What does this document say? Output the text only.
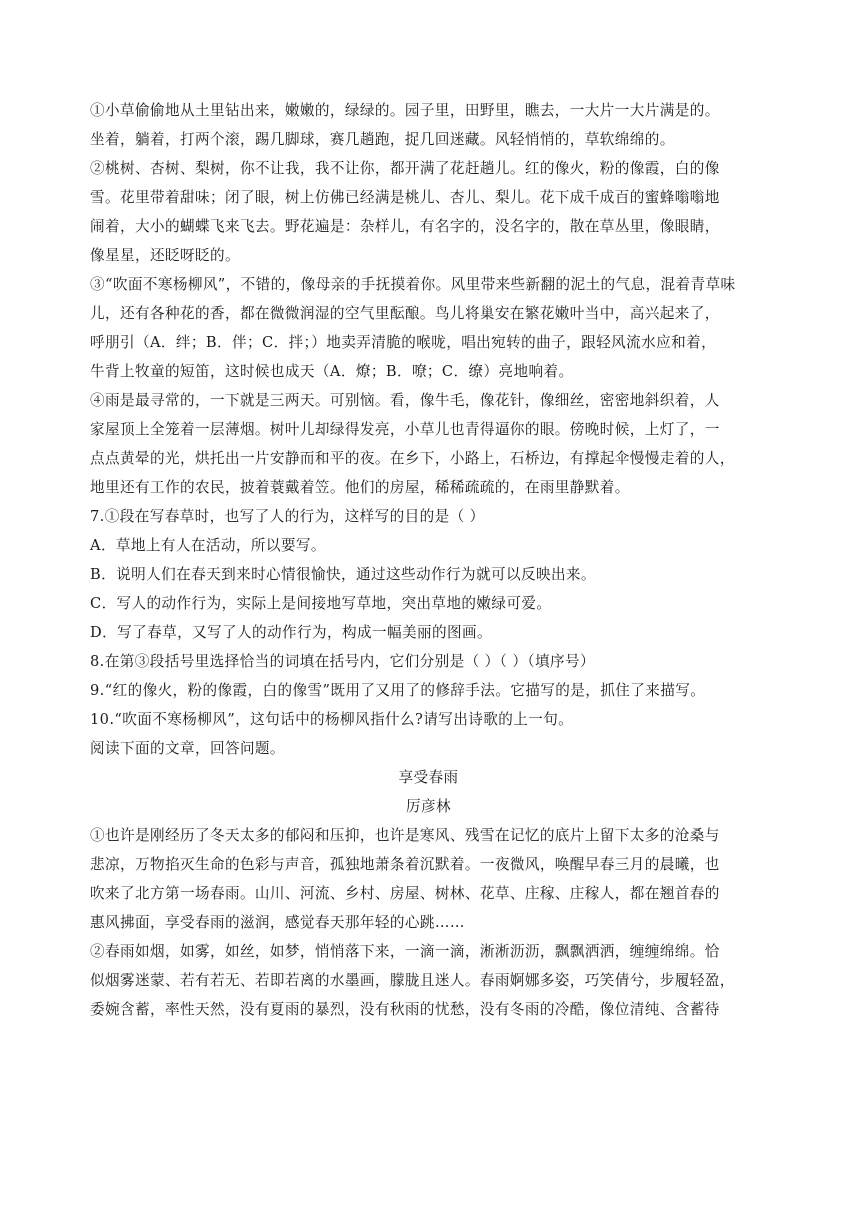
①小草偷偷地从土里钻出来，嫩嫩的，绿绿的。园子里，田野里，瞧去，一大片一大片满是的。
坐着，躺着，打两个滚，踢几脚球，赛几趟跑，捉几回迷藏。风轻悄悄的，草软绵绵的。
②桃树、杏树、梨树，你不让我，我不让你，都开满了花赶趟儿。红的像火，粉的像霞，白的像
雪。花里带着甜味；闭了眼，树上仿佛已经满是桃儿、杏儿、梨儿。花下成千成百的蜜蜂嗡嗡地
闹着，大小的蝴蝶飞来飞去。野花遍是：杂样儿，有名字的，没名字的，散在草丛里，像眼睛，
像星星，还眨呀眨的。
③“吹面不寒杨柳风”，不错的，像母亲的手抚摸着你。风里带来些新翻的泥土的气息，混着青草味
儿，还有各种花的香，都在微微润湿的空气里酝酿。鸟儿将巢安在繁花嫩叶当中，高兴起来了，
呼朋引（A．绊；B．伴；C．拌；）地卖弄清脆的喉咙，唱出宛转的曲子，跟轻风流水应和着，
牛背上牧童的短笛，这时候也成天（A．燎；B．嘹；C．缭）亮地响着。
④雨是最寻常的，一下就是三两天。可别恼。看，像牛毛，像花针，像细丝，密密地斜织着，人
家屋顶上全笼着一层薄烟。树叶儿却绿得发亮，小草儿也青得逼你的眼。傍晚时候，上灯了，一
点点黄晕的光，烘托出一片安静而和平的夜。在乡下，小路上，石桥边，有撑起伞慢慢走着的人，
地里还有工作的农民，披着蓑戴着笠。他们的房屋，稀稀疏疏的，在雨里静默着。
7.①段在写春草时，也写了人的行为，这样写的目的是（ ）
A．草地上有人在活动，所以要写。
B．说明人们在春天到来时心情很愉快，通过这些动作行为就可以反映出来。
C．写人的动作行为，实际上是间接地写草地，突出草地的嫩绿可爱。
D．写了春草，又写了人的动作行为，构成一幅美丽的图画。
8.在第③段括号里选择恰当的词填在括号内，它们分别是（ ）（ ）（填序号）
9.“红的像火，粉的像霞，白的像雪”既用了又用了的修辞手法。它描写的是，抓住了来描写。
10.“吹面不寒杨柳风”，这句话中的杨柳风指什么?请写出诗歌的上一句。
阅读下面的文章，回答问题。
享受春雨
厉彦林
①也许是刚经历了冬天太多的郁闷和压抑，也许是寒风、残雪在记忆的底片上留下太多的沧桑与
悲凉，万物掐灭生命的色彩与声音，孤独地萧条着沉默着。一夜微风，唤醒早春三月的晨曦，也
吹来了北方第一场春雨。山川、河流、乡村、房屋、树林、花草、庄稼、庄稼人，都在翘首春的
惠风拂面，享受春雨的滋润，感觉春天那年轻的心跳……
②春雨如烟，如雾，如丝，如梦，悄悄落下来，一滴一滴，淅淅沥沥，飘飘洒洒，缠缠绵绵。恰
似烟雾迷蒙、若有若无、若即若离的水墨画，朦胧且迷人。春雨婀娜多姿，巧笑倩兮，步履轻盈，
委婉含蓄，率性天然，没有夏雨的暴烈，没有秋雨的忧愁，没有冬雨的冷酷，像位清纯、含蓄待
